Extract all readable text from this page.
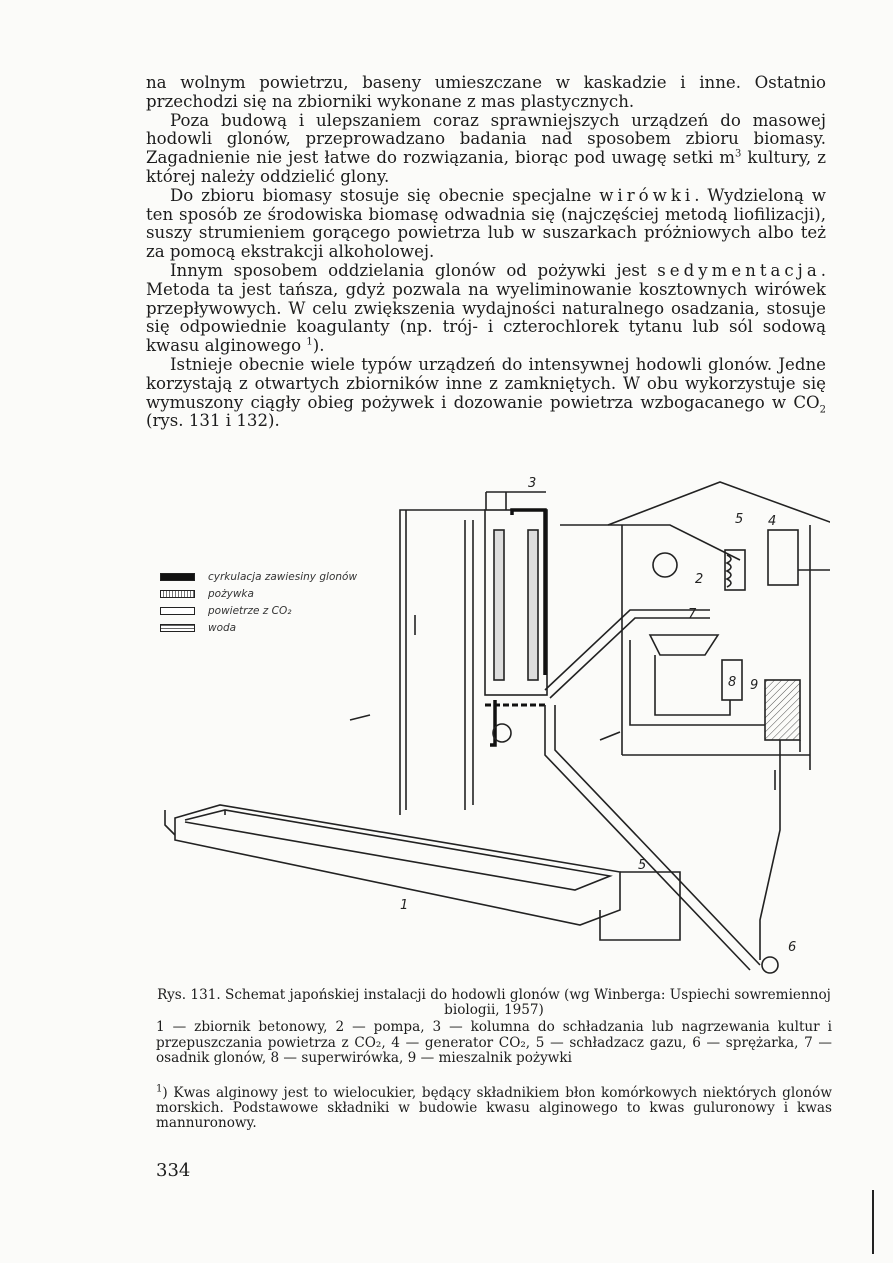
na wolnym powietrzu, baseny umieszczane w kaskadzie i inne. Ostatnio przechodzi się na zbiorniki wykonane z mas plastycznych.

Poza budową i ulepszaniem coraz sprawniejszych urządzeń do masowej hodowli glonów, przeprowadzano badania nad sposobem zbioru biomasy. Zagadnienie nie jest łatwe do rozwiązania, biorąc pod uwagę setki $m^3$ kultury, z której należy oddzielić glony.

Do zbioru biomasy stosuje się obecnie specjalne wirówki. Wydzieloną w ten sposób ze środowiska biomasę odwadnia się (najczęściej metodą liofilizacji), suszy strumieniem gorącego powietrza lub w suszarkach próżniowych albo też za pomocą ekstrakcji alkoholowej.

Innym sposobem oddzielania glonów od pożywki jest sedymentacja. Metoda ta jest tańsza, gdyż pozwala na wyeliminowanie kosztownych wirówek przepływowych. W celu zwiększenia wydajności naturalnego osadzania, stosuje się odpowiednie koagulanty (np. trój- i czterochlorek tytanu lub sól sodową kwasu alginowego $^1$).

Istnieje obecnie wiele typów urządzeń do intensywnej hodowli glonów. Jedne korzystają z otwartych zbiorników inne z zamkniętych. W obu wykorzystuje się wymuszony ciągły obieg pożywek i dozowanie powietrza wzbogacanego w $CO_2$ (rys. 131 i 132).

cyrkulacja zawiesiny glonów
pożywka
powietrze z CO₂
woda
1
2
3
4
5
5
6
7
8 9

Rys. 131. Schemat japońskiej instalacji do hodowli glonów (wg Winberga: Uspiechi sowremiennoj biologii, 1957)

1 — zbiornik betonowy, 2 — pompa, 3 — kolumna do schładzania lub nagrzewania kultur i przepuszczania powietrza z CO₂, 4 — generator CO₂, 5 — schładzacz gazu, 6 — sprężarka, 7 — osadnik glonów, 8 — superwirówka, 9 — mieszalnik pożywki

$^1$) Kwas alginowy jest to wielocukier, będący składnikiem błon komórkowych niektórych glonów morskich. Podstawowe składniki w budowie kwasu alginowego to kwas guluronowy i kwas mannuronowy.
334
